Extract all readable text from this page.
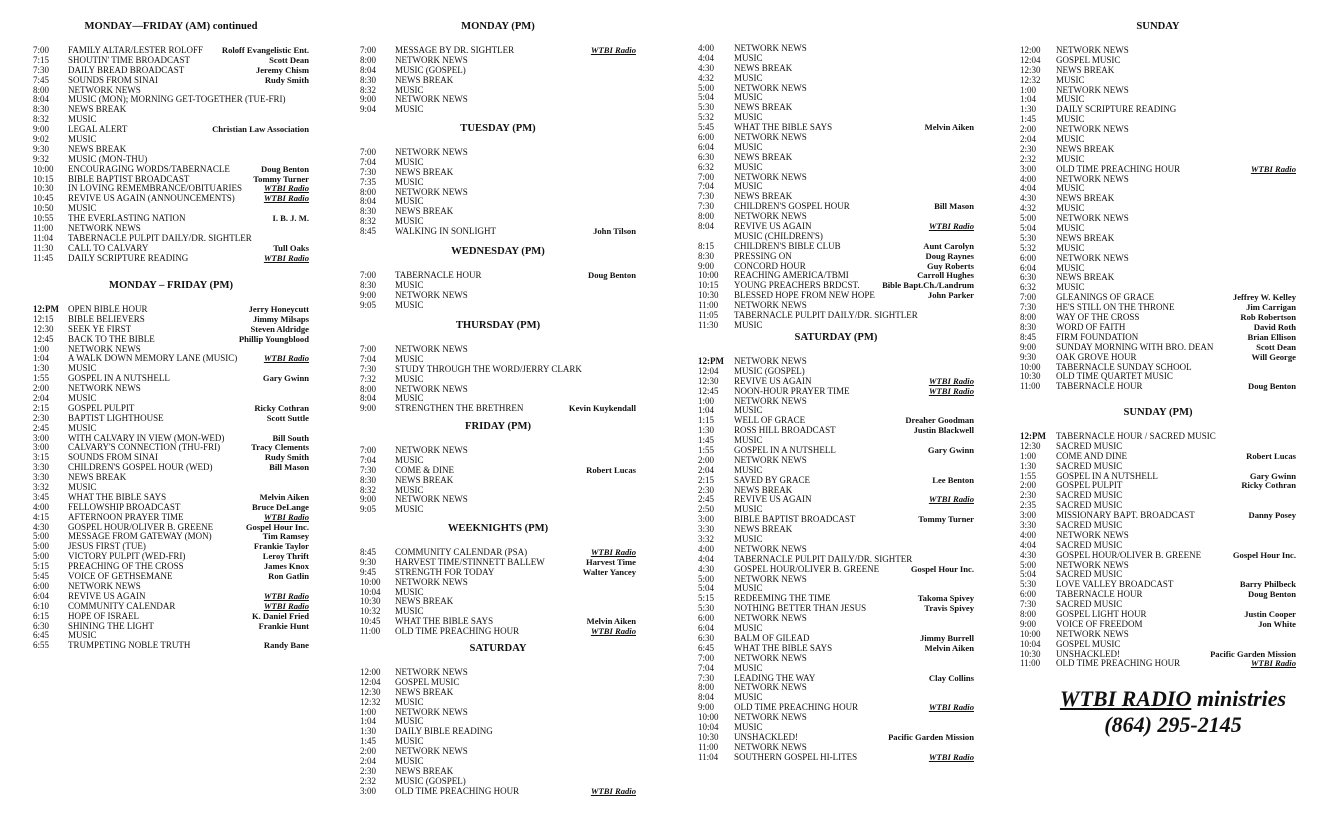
MONDAY—FRIDAY (AM) continued
7:00 FAMILY ALTAR/LESTER ROLOFF Roloff Evangelistic Ent.
7:15 SHOUTIN' TIME BROADCAST	Scott Dean
7:30 DAILY BREAD BROADCAST	Jeremy Chism
7:45 SOUNDS FROM SINAI	Rudy Smith
8:00 NETWORK NEWS
8:04 MUSIC (MON); MORNING GET-TOGETHER (TUE-FRI)
8:30 NEWS BREAK
8:32 MUSIC
9:00 LEGAL ALERT	Christian Law Association
9:02 MUSIC
9:30 NEWS BREAK
9:32 MUSIC (MON-THU)
10:00 ENCOURAGING WORDS/TABERNACLE	Doug Benton
10:15 BIBLE BAPTIST BROADCAST	Tommy Turner
10:30 IN LOVING REMEMBRANCE/OBITUARIES	WTBI Radio
10:45 REVIVE US AGAIN (ANNOUNCEMENTS)	WTBI Radio
10:50 MUSIC
10:55 THE EVERLASTING NATION	I. B. J. M.
11:00 NETWORK NEWS
11:04 TABERNACLE PULPIT DAILY/DR. SIGHTLER
11:30 CALL TO CALVARY	Tull Oaks
11:45 DAILY SCRIPTURE READING	WTBI Radio
MONDAY – FRIDAY (PM)
12:PM OPEN BIBLE HOUR	Jerry Honeycutt
12:15 BIBLE BELIEVERS	Jimmy Milsaps
12:30 SEEK YE FIRST	Steven Aldridge
12:45 BACK TO THE BIBLE	Phillip Youngblood
1:00 NETWORK NEWS
1:04 A WALK DOWN MEMORY LANE (MUSIC)	WTBI Radio
1:30 MUSIC
1:55 GOSPEL IN A NUTSHELL	Gary Gwinn
2:00 NETWORK NEWS
2:04 MUSIC
2:15 GOSPEL PULPIT	Ricky Cothran
2:30 BAPTIST LIGHTHOUSE	Scott Suttle
2:45 MUSIC
3:00 WITH CALVARY IN VIEW (MON-WED)	Bill South
3:00 CALVARY'S CONNECTION (THU-FRI)	Tracy Clements
3:15 SOUNDS FROM SINAI	Rudy Smith
3:30 CHILDREN'S GOSPEL HOUR (WED)	Bill Mason
3:30 NEWS BREAK
3:32 MUSIC
3:45 WHAT THE BIBLE SAYS	Melvin Aiken
4:00 FELLOWSHIP BROADCAST	Bruce DeLange
4:15 AFTERNOON PRAYER TIME	WTBI Radio
4:30 GOSPEL HOUR/OLIVER B. GREENE	Gospel Hour Inc.
5:00 MESSAGE FROM GATEWAY (MON)	Tim Ramsey
5:00 JESUS FIRST (TUE)	Frankie Taylor
5:00 VICTORY PULPIT (WED-FRI)	Leroy Thrift
5:15 PREACHING OF THE CROSS	James Knox
5:45 VOICE OF GETHSEMANE	Ron Gatlin
6:00 NETWORK NEWS
6:04 REVIVE US AGAIN	WTBI Radio
6:10 COMMUNITY CALENDAR	WTBI Radio
6:15 HOPE OF ISRAEL	K. Daniel Fried
6:30 SHINING THE LIGHT	Frankie Hunt
6:45 MUSIC
6:55 TRUMPETING NOBLE TRUTH	Randy Bane
MONDAY (PM)
7:00 MESSAGE BY DR. SIGHTLER	WTBI Radio
8:00 NETWORK NEWS
8:04 MUSIC (GOSPEL)
8:30 NEWS BREAK
8:32 MUSIC
9:00 NETWORK NEWS
9:04 MUSIC
TUESDAY (PM)
7:00 NETWORK NEWS
7:04 MUSIC
7:30 NEWS BREAK
7:35 MUSIC
8:00 NETWORK NEWS
8:04 MUSIC
8:30 NEWS BREAK
8:32 MUSIC
8:45 WALKING IN SONLIGHT	John Tilson
WEDNESDAY (PM)
7:00 TABERNACLE HOUR	Doug Benton
8:30 MUSIC
9:00 NETWORK NEWS
9:05 MUSIC
THURSDAY (PM)
7:00 NETWORK NEWS
7:04 MUSIC
7:30 STUDY THROUGH THE WORD/JERRY CLARK
7:32 MUSIC
8:00 NETWORK NEWS
8:04 MUSIC
9:00 STRENGTHEN THE BRETHREN	Kevin Kuykendall
FRIDAY (PM)
7:00 NETWORK NEWS
7:04 MUSIC
7:30 COME & DINE	Robert Lucas
8:30 NEWS BREAK
8:32 MUSIC
9:00 NETWORK NEWS
9:05 MUSIC
WEEKNIGHTS (PM)
8:45 COMMUNITY CALENDAR (PSA)	WTBI Radio
9:30 HARVEST TIME/STINNETT BALLEW	Harvest Time
9:45 STRENGTH FOR TODAY	Walter Yancey
10:00 NETWORK NEWS
10:04 MUSIC
10:30 NEWS BREAK
10:32 MUSIC
10:45 WHAT THE BIBLE SAYS	Melvin Aiken
11:00 OLD TIME PREACHING HOUR	WTBI Radio
SATURDAY
12:00 NETWORK NEWS
12:04 GOSPEL MUSIC
12:30 NEWS BREAK
12:32 MUSIC
1:00 NETWORK NEWS
1:04 MUSIC
1:30 DAILY BIBLE READING
1:45 MUSIC
2:00 NETWORK NEWS
2:04 MUSIC
2:30 NEWS BREAK
2:32 MUSIC (GOSPEL)
3:00 OLD TIME PREACHING HOUR	WTBI Radio
4:00 NETWORK NEWS
4:04 MUSIC
4:30 NEWS BREAK
4:32 MUSIC
5:00 NETWORK NEWS
5:04 MUSIC
5:30 NEWS BREAK
5:32 MUSIC
5:45 WHAT THE BIBLE SAYS	Melvin Aiken
6:00 NETWORK NEWS
6:04 MUSIC
6:30 NEWS BREAK
6:32 MUSIC
7:00 NETWORK NEWS
7:04 MUSIC
7:30 NEWS BREAK
7:30 CHILDREN'S GOSPEL HOUR	Bill Mason
8:00 NETWORK NEWS
8:04 REVIVE US AGAIN	WTBI Radio
MUSIC (CHILDREN'S)
8:15 CHILDREN'S BIBLE CLUB	Aunt Carolyn
8:30 PRESSING ON	Doug Raynes
9:00 CONCORD HOUR	Guy Roberts
10:00 REACHING AMERICA/TBMI	Carroll Hughes
10:15 YOUNG PREACHERS BRDCST.	Bible Bapt.Ch./Landrum
10:30 BLESSED HOPE FROM NEW HOPE	John Parker
11:00 NETWORK NEWS
11:05 TABERNACLE PULPIT DAILY/DR. SIGHTLER
11:30 MUSIC
SATURDAY (PM)
12:PM NETWORK NEWS
12:04 MUSIC (GOSPEL)
12:30 REVIVE US AGAIN	WTBI Radio
12:45 NOON-HOUR PRAYER TIME	WTBI Radio
1:00 NETWORK NEWS
1:04 MUSIC
1:15 WELL OF GRACE	Dreaher Goodman
1:30 ROSS HILL BROADCAST	Justin Blackwell
1:45 MUSIC
1:55 GOSPEL IN A NUTSHELL	Gary Gwinn
2:00 NETWORK NEWS
2:04 MUSIC
2:15 SAVED BY GRACE	Lee Benton
2:30 NEWS BREAK
2:45 REVIVE US AGAIN	WTBI Radio
2:50 MUSIC
3:00 BIBLE BAPTIST BROADCAST	Tommy Turner
3:30 NEWS BREAK
3:32 MUSIC
4:00 NETWORK NEWS
4:04 TABERNACLE PULPIT DAILY/DR. SIGHTER
4:30 GOSPEL HOUR/OLIVER B. GREENE	Gospel Hour Inc.
5:00 NETWORK NEWS
5:04 MUSIC
5:15 REDEEMING THE TIME	Takoma Spivey
5:30 NOTHING BETTER THAN JESUS	Travis Spivey
6:00 NETWORK NEWS
6:04 MUSIC
6:30 BALM OF GILEAD	Jimmy Burrell
6:45 WHAT THE BIBLE SAYS	Melvin Aiken
7:00 NETWORK NEWS
7:04 MUSIC
7:30 LEADING THE WAY	Clay Collins
8:00 NETWORK NEWS
8:04 MUSIC
9:00 OLD TIME PREACHING HOUR	WTBI Radio
10:00 NETWORK NEWS
10:04 MUSIC
10:30 UNSHACKLED!	Pacific Garden Mission
11:00 NETWORK NEWS
11:04 SOUTHERN GOSPEL HI-LITES	WTBI Radio
SUNDAY
12:00 NETWORK NEWS
12:04 GOSPEL MUSIC
12:30 NEWS BREAK
12:32 MUSIC
1:00 NETWORK NEWS
1:04 MUSIC
1:30 DAILY SCRIPTURE READING
1:45 MUSIC
2:00 NETWORK NEWS
2:04 MUSIC
2:30 NEWS BREAK
2:32 MUSIC
3:00 OLD TIME PREACHING HOUR	WTBI Radio
4:00 NETWORK NEWS
4:04 MUSIC
4:30 NEWS BREAK
4:32 MUSIC
5:00 NETWORK NEWS
5:04 MUSIC
5:30 NEWS BREAK
5:32 MUSIC
6:00 NETWORK NEWS
6:04 MUSIC
6:30 NEWS BREAK
6:32 MUSIC
7:00 GLEANINGS OF GRACE	Jeffrey W. Kelley
7:30 HE'S STILL ON THE THRONE	Jim Carrigan
8:00 WAY OF THE CROSS	Rob Robertson
8:30 WORD OF FAITH	David Roth
8:45 FIRM FOUNDATION	Brian Ellison
9:00 SUNDAY MORNING WITH BRO. DEAN	Scott Dean
9:30 OAK GROVE HOUR	Will George
10:00 TABERNACLE SUNDAY SCHOOL
10:30 OLD TIME QUARTET MUSIC
11:00 TABERNACLE HOUR	Doug Benton
SUNDAY (PM)
12:PM TABERNACLE HOUR / SACRED MUSIC
12:30 SACRED MUSIC
1:00 COME AND DINE	Robert Lucas
1:30 SACRED MUSIC
1:55 GOSPEL IN A NUTSHELL	Gary Gwinn
2:00 GOSPEL PULPIT	Ricky Cothran
2:30 SACRED MUSIC
2:35 SACRED MUSIC
3:00 MISSIONARY BAPT. BROADCAST	Danny Posey
3:30 SACRED MUSIC
4:00 NETWORK NEWS
4:04 SACRED MUSIC
4:30 GOSPEL HOUR/OLIVER B. GREENE	Gospel Hour Inc.
5:00 NETWORK NEWS
5:04 SACRED MUSIC
5:30 LOVE VALLEY BROADCAST	Barry Philbeck
6:00 TABERNACLE HOUR	Doug Benton
7:30 SACRED MUSIC
8:00 GOSPEL LIGHT HOUR	Justin Cooper
9:00 VOICE OF FREEDOM	Jon White
10:00 NETWORK NEWS
10:04 GOSPEL MUSIC
10:30 UNSHACKLED!	Pacific Garden Mission
11:00 OLD TIME PREACHING HOUR	WTBI Radio
WTBI RADIO ministries
(864) 295-2145
